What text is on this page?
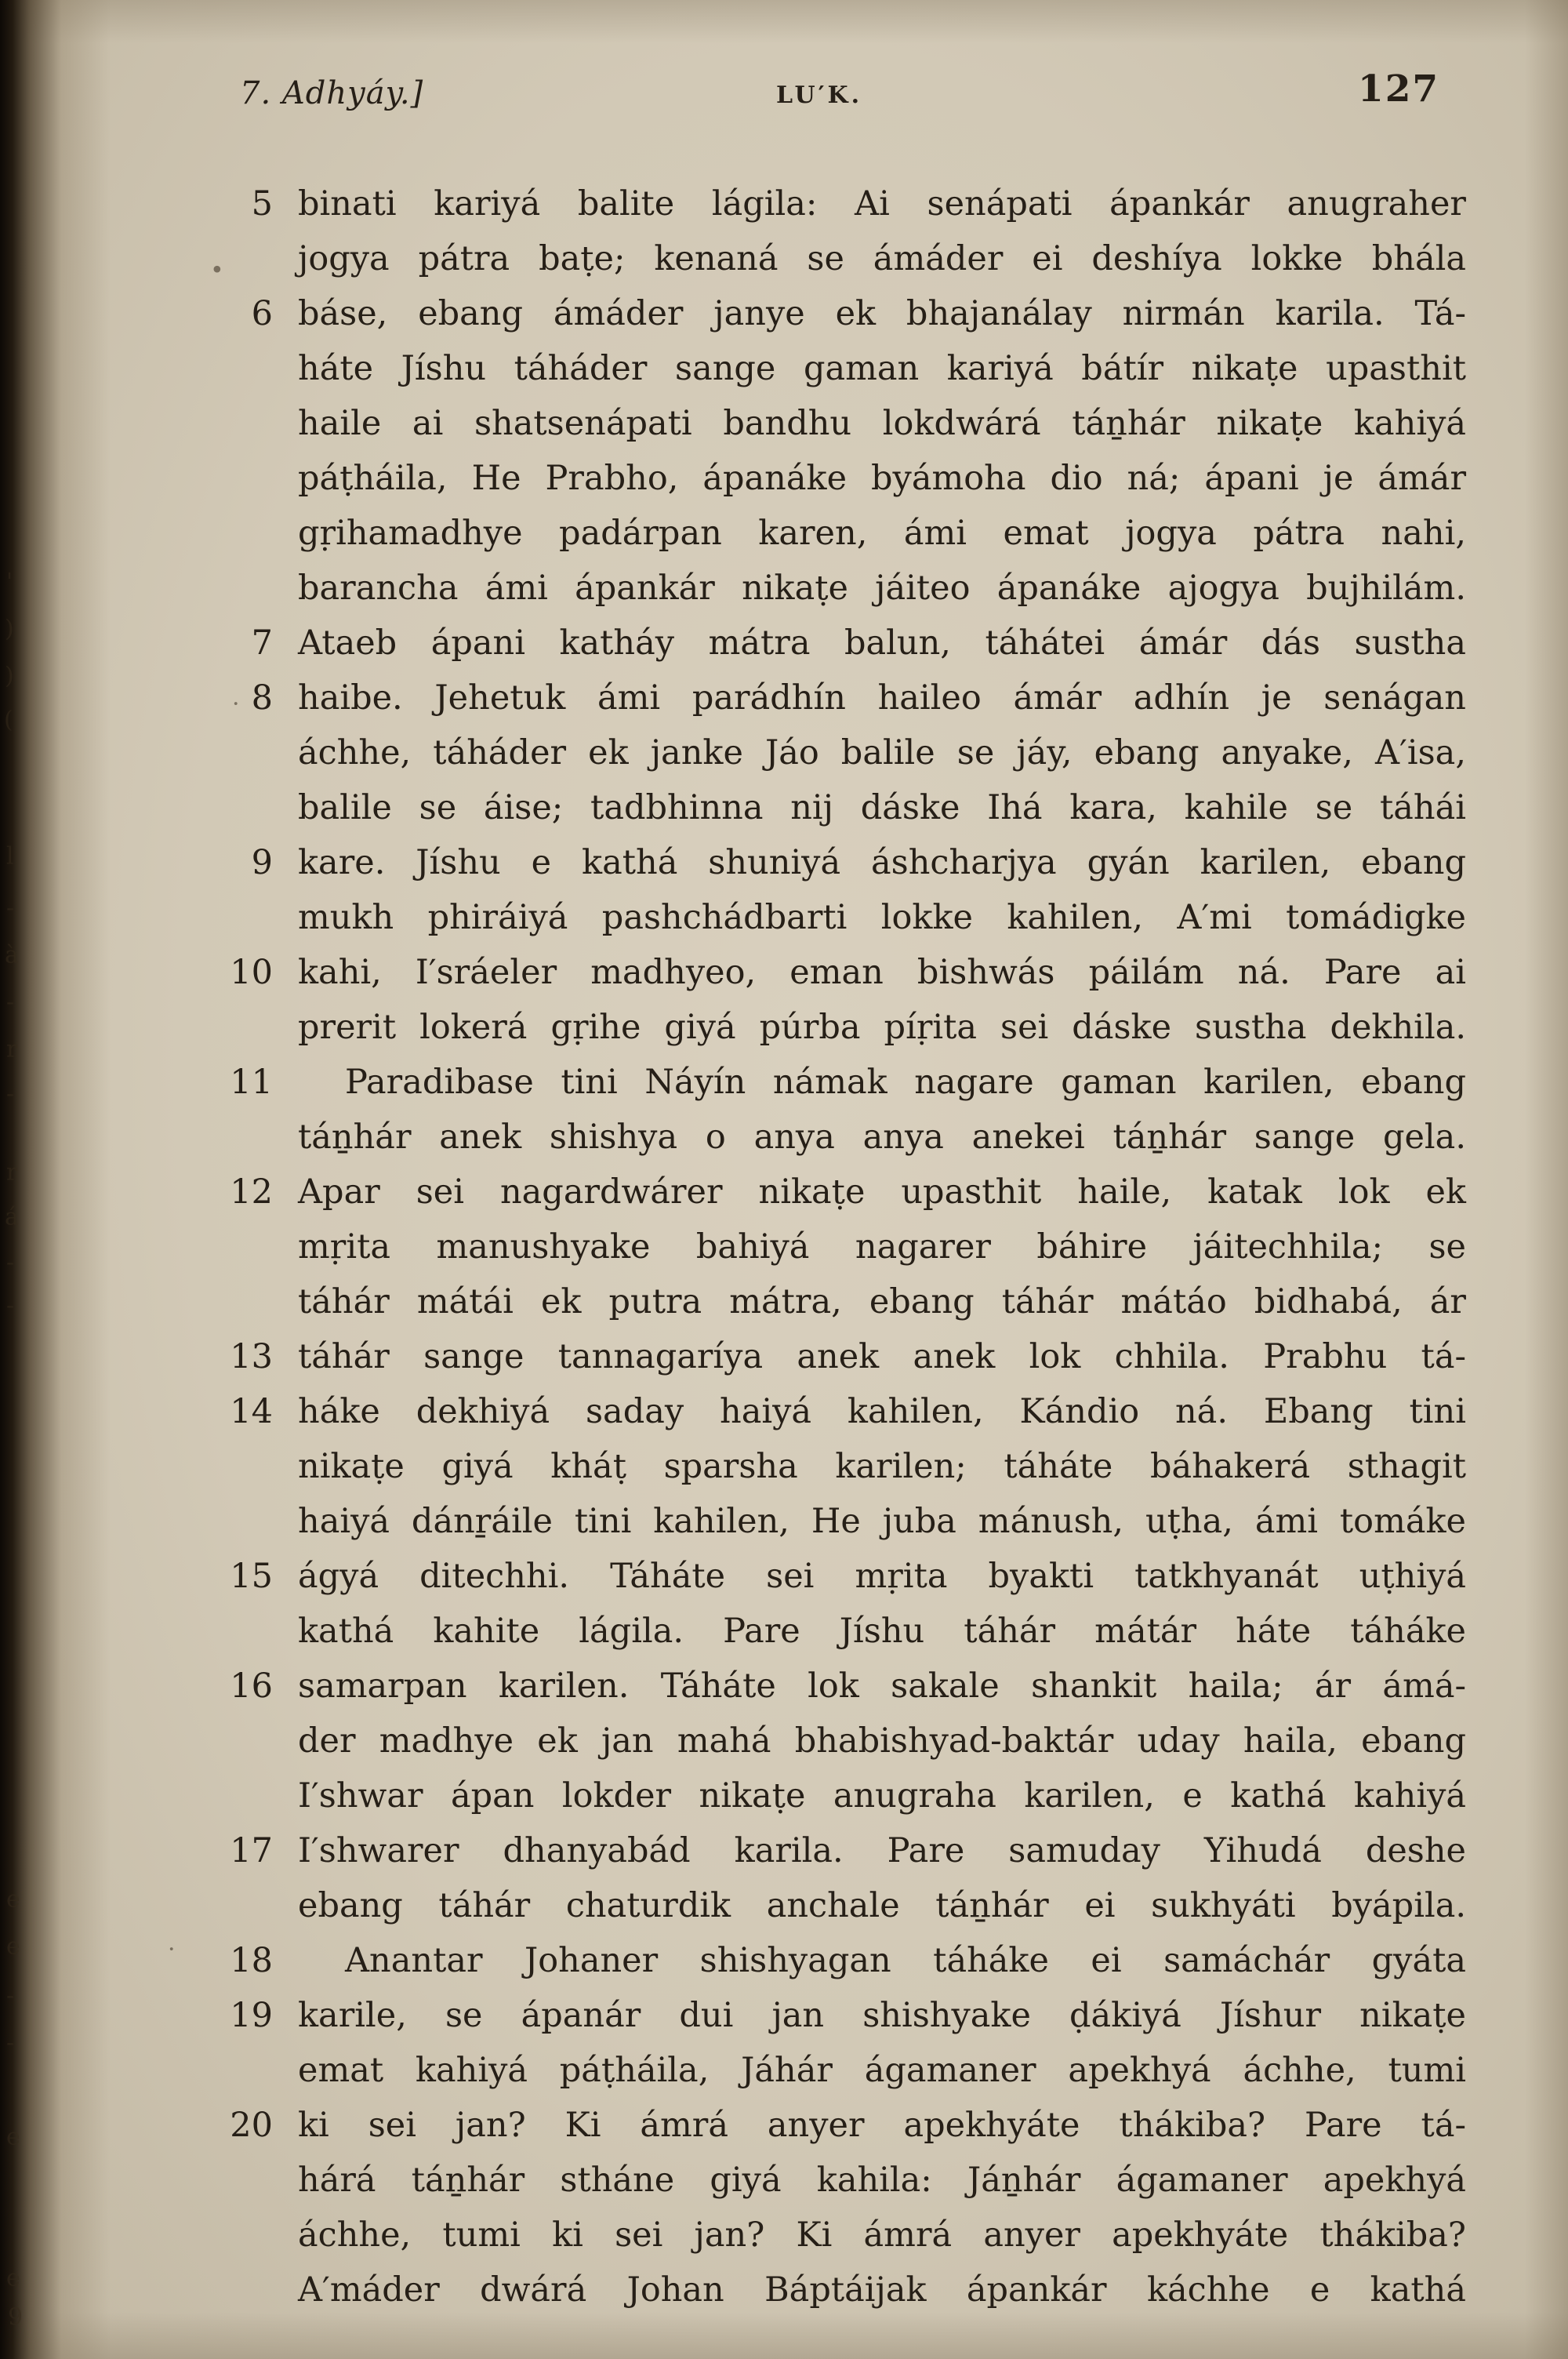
7. Adhyáy.]	LU′K.	127
5 binati kariyá balite lágila: Ai senápati ápankár anugraher
jogya pátra baṭe; kenaná se ámáder ei deshíya lokke bhála
6 báse, ebang ámáder janye ek bhajanálay nirmán karila. Tá-
háte Jíshu táháder sange gaman kariyá bátír nikaṭe upasthit
haile ai shatsenápati bandhu lokdwárá táṉhár nikaṭe kahiyá
páṭháila, He Prabho, ápanáke byámoha dio ná; ápani je ámár
gṛihamadhye padárpan karen, ámi emat jogya pátra nahi,
barancha ámi ápankár nikaṭe jáiteo ápanáke ajogya bujhilám.
7 Ataeb ápani katháy mátra balun, táhátei ámár dás sustha
8 haibe. Jehetuk ámi parádhín haileo ámár adhín je senágan
áchhe, táháder ek janke Jáo balile se jáy, ebang anyake, A′isa,
balile se áise; tadbhinna nij dáske Ihá kara, kahile se táhái
9 kare. Jíshu e kathá shuniyá áshcharjya gyán karilen, ebang
mukh phiráiyá pashchádbarti lokke kahilen, A′mi tomádigke
10 kahi, I′sráeler madhyeo, eman bishwás páilám ná. Pare ai
prerit lokerá gṛihe giyá púrba píṛita sei dáske sustha dekhila.
11	Paradibase tini Náyín námak nagare gaman karilen, ebang
táṉhár anek shishya o anya anya anekei táṉhár sange gela.
12 Apar sei nagardwárer nikaṭe upasthit haile, katak lok ek
mṛita manushyake bahiyá nagarer báhire jáitechhila; se
táhár mátái ek putra mátra, ebang táhár mátáo bidhabá, ár
13 táhár sange tannagaríya anek anek lok chhila. Prabhu tá-
14 háke dekhiyá saday haiyá kahilen, Kándio ná. Ebang tini
nikaṭe giyá kháṭ sparsha karilen; táháte báhakerá sthagit
haiyá dánṟáile tini kahilen, He juba mánush, uṭha, ámi tomáke
15 ágyá ditechhi. Táháte sei mṛita byakti tatkhyanát uṭhiyá
kathá kahite lágila. Pare Jíshu táhár mátár háte táháke
16 samarpan karilen. Táháte lok sakale shankit haila; ár ámá-
der madhye ek jan mahá bhabishyad-baktár uday haila, ebang
I′shwar ápan lokder nikaṭe anugraha karilen, e kathá kahiyá
17 I′shwarer dhanyabád karila. Pare samuday Yihudá deshe
ebang táhár chaturdik anchale táṉhár ei sukhyáti byápila.
18	Anantar Johaner shishyagan táháke ei samáchár gyáta
19 karile, se ápanár dui jan shishyake ḍákiyá Jíshur nikaṭe
emat kahiyá páṭháila, Jáhár ágamaner apekhyá áchhe, tumi
20 ki sei jan? Ki ámrá anyer apekhyáte thákiba? Pare tá-
hárá táṉhár stháne giyá kahila: Jáṉhár ágamaner apekhyá
áchhe, tumi ki sei jan? Ki ámrá anyer apekhyáte thákiba?
A′máder dwárá Johan Báptáijak ápankár káchhe e kathá
•
·
·
'
)
)
(
l
-
à
-
r
-
r
á
-
-
e
e
-
-
e
e
9
